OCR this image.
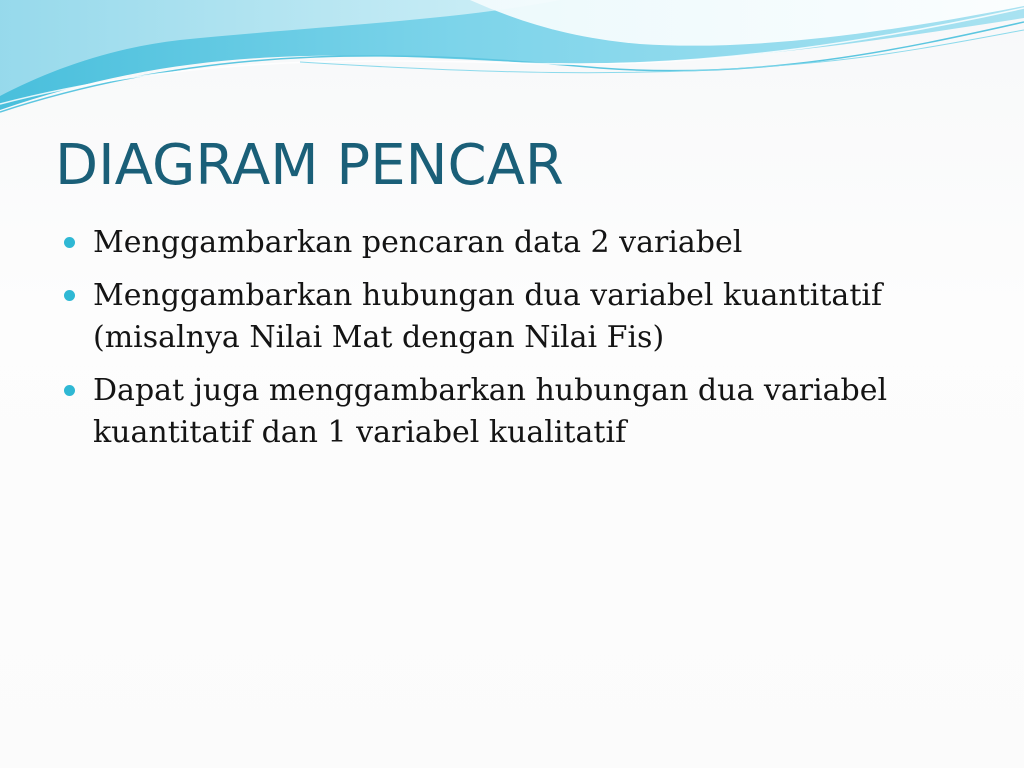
DIAGRAM PENCAR
Menggambarkan pencaran data 2 variabel
Menggambarkan hubungan dua variabel kuantitatif (misalnya Nilai Mat dengan Nilai Fis)
Dapat juga menggambarkan hubungan dua variabel kuantitatif dan 1 variabel kualitatif
